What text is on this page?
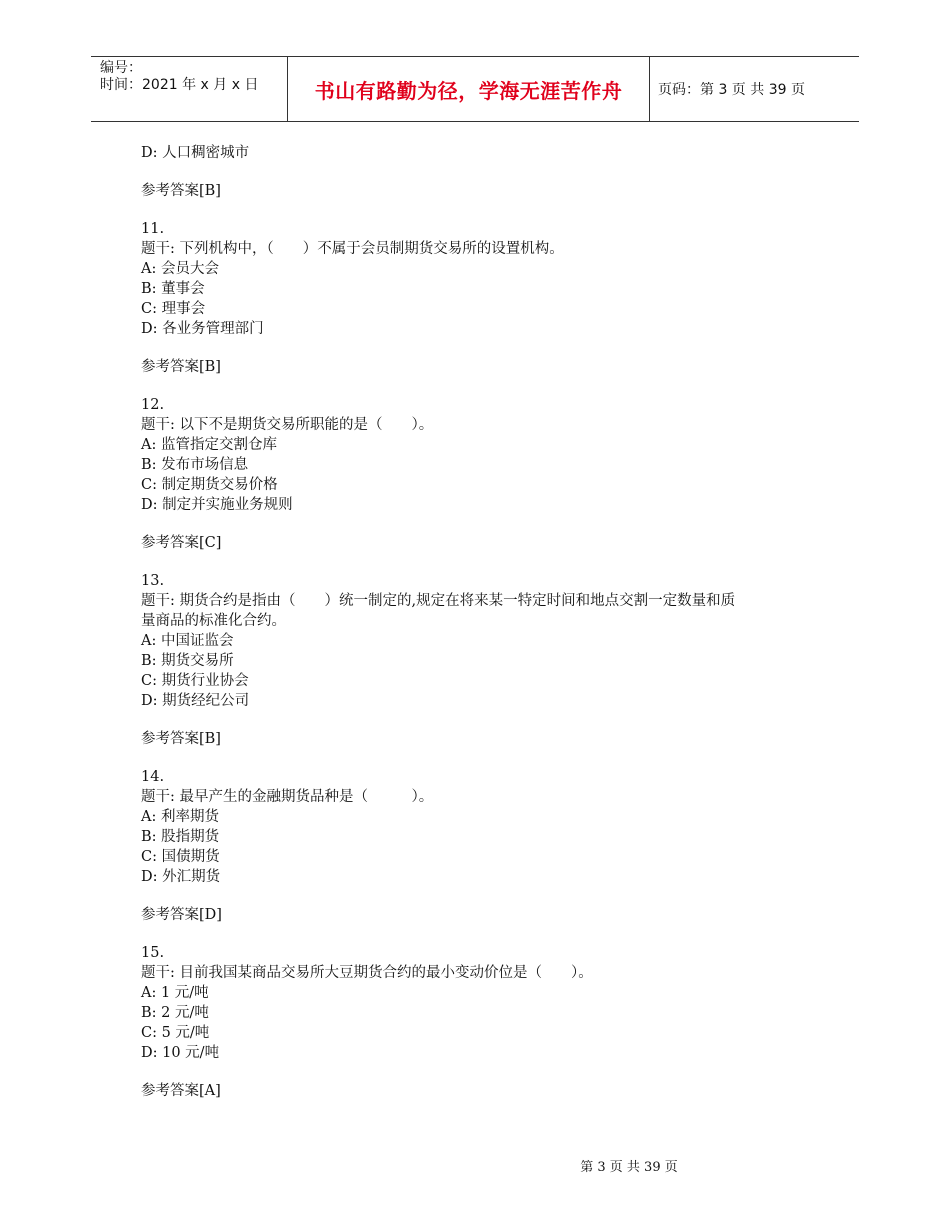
编号：
时间：2021 年 x 月 x 日	书山有路勤为径，学海无涯苦作舟	页码：第 3 页 共 39 页
D: 人口稠密城市
参考答案[B]
11.
题干: 下列机构中，（　　）不属于会员制期货交易所的设置机构。
A: 会员大会
B: 董事会
C: 理事会
D: 各业务管理部门
参考答案[B]
12.
题干: 以下不是期货交易所职能的是（　　）。
A: 监管指定交割仓库
B: 发布市场信息
C: 制定期货交易价格
D: 制定并实施业务规则
参考答案[C]
13.
题干: 期货合约是指由（　　）统一制定的,规定在将来某一特定时间和地点交割一定数量和质
量商品的标准化合约。
A: 中国证监会
B: 期货交易所
C: 期货行业协会
D: 期货经纪公司
参考答案[B]
14.
题干: 最早产生的金融期货品种是（　　　）。
A: 利率期货
B: 股指期货
C: 国债期货
D: 外汇期货
参考答案[D]
15.
题干: 目前我国某商品交易所大豆期货合约的最小变动价位是（　　）。
A: 1 元/吨
B: 2 元/吨
C: 5 元/吨
D: 10 元/吨
参考答案[A]
第 3 页 共 39 页
